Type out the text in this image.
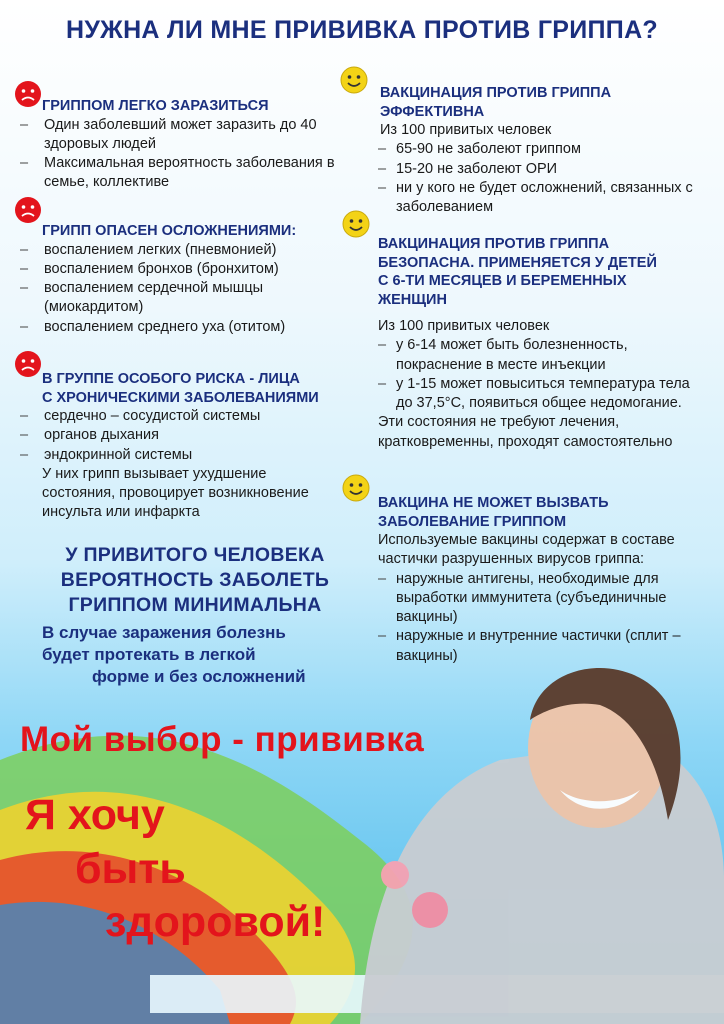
НУЖНА ЛИ МНЕ ПРИВИВКА ПРОТИВ ГРИППА?
ГРИППОМ ЛЕГКО ЗАРАЗИТЬСЯ
– Один заболевший может заразить до 40 здоровых людей
– Максимальная вероятность заболевания в семье, коллективе
ГРИПП ОПАСЕН ОСЛОЖНЕНИЯМИ:
– воспалением легких (пневмонией)
– воспалением бронхов (бронхитом)
– воспалением сердечной мышцы (миокардитом)
– воспалением среднего уха (отитом)
В ГРУППЕ ОСОБОГО РИСКА - ЛИЦА
С ХРОНИЧЕСКИМИ ЗАБОЛЕВАНИЯМИ
– сердечно – сосудистой системы
– органов дыхания
– эндокринной системы

У них грипп вызывает ухудшение состояния, провоцирует возникновение инсульта или инфаркта

ВАКЦИНАЦИЯ ПРОТИВ ГРИППА ЭФФЕКТИВНА

Из 100 привитых человек

– 65-90 не заболеют гриппом
– 15-20 не заболеют ОРИ
– ни у кого не будет осложнений, связанных с заболеванием
ВАКЦИНАЦИЯ ПРОТИВ ГРИППА БЕЗОПАСНА. ПРИМЕНЯЕТСЯ У ДЕТЕЙ С 6-ТИ МЕСЯЦЕВ И БЕРЕМЕННЫХ ЖЕНЩИН

Из 100 привитых человек

– у 6-14 может быть болезненность, покраснение в месте инъекции
– у 1-15 может повыситься температура тела до 37,5°С, появиться общее недомогание.

Эти состояния не требуют лечения, кратковременны, проходят самостоятельно

ВАКЦИНА НЕ МОЖЕТ ВЫЗВАТЬ ЗАБОЛЕВАНИЕ ГРИППОМ

Используемые вакцины содержат в составе частички разрушенных вирусов гриппа:

– наружные антигены, необходимые для выработки иммунитета (субъединичные вакцины)
– наружные и внутренние частички (сплит – вакцины)
У ПРИВИТОГО ЧЕЛОВЕКА
ВЕРОЯТНОСТЬ ЗАБОЛЕТЬ
ГРИППОМ МИНИМАЛЬНА
В случае заражения болезнь
будет протекать в легкой
форме и без осложнений
Мой выбор - прививка
Я хочу
быть
здоровой!
